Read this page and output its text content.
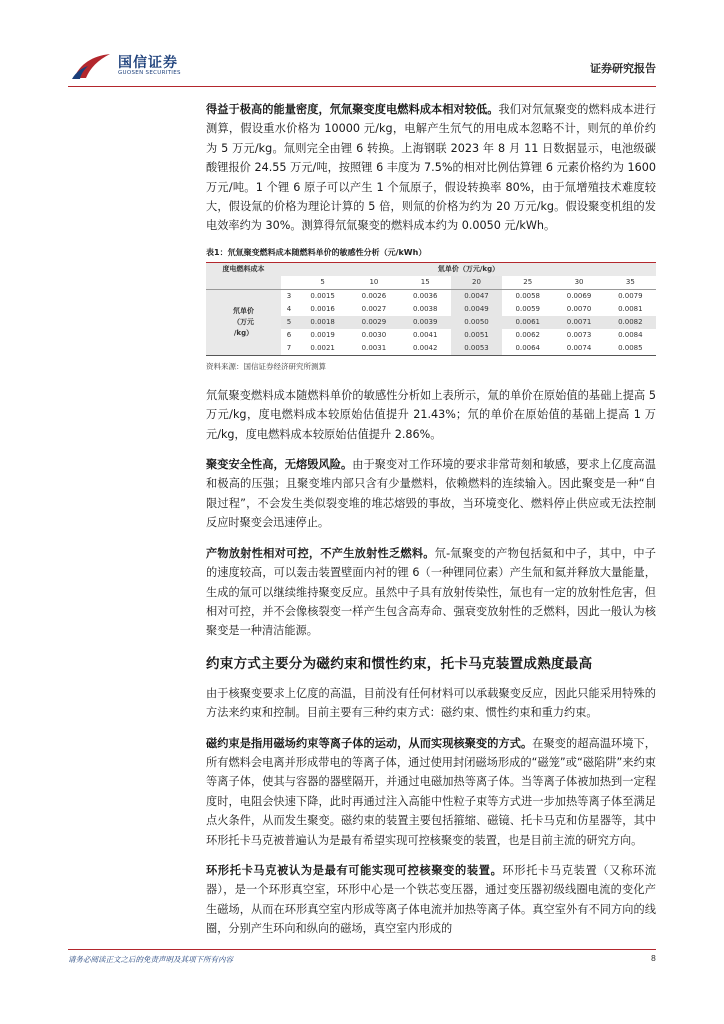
国信证券
GUOSEN SECURITIES	证券研究报告

得益于极高的能量密度，氘氚聚变度电燃料成本相对较低。我们对氘氚聚变的燃料成本进行测算，假设重水价格为 10000 元/kg，电解产生氘气的用电成本忽略不计，则氘的单价约为 5 万元/kg。氚则完全由锂 6 转换。上海钢联 2023 年 8 月 11 日数据显示，电池级碳酸锂报价 24.55 万元/吨，按照锂 6 丰度为 7.5%的相对比例估算锂 6 元素价格约为 1600 万元/吨。1 个锂 6 原子可以产生 1 个氚原子，假设转换率 80%，由于氚增殖技术难度较大，假设氚的价格为理论计算的 5 倍，则氚的价格为约为 20 万元/kg。假设聚变机组的发电效率约为 30%。测算得氘氚聚变的燃料成本约为 0.0050 元/kWh。

表1：氘氚聚变燃料成本随燃料单价的敏感性分析（元/kWh）
度电燃料成本	氚单价（万元/kg）							
		5	10	15	20	25	30	35
	3	0.0015	0.0026	0.0036	0.0047	0.0058	0.0069	0.0079
氘单价
（万元
/kg）	4	0.0016	0.0027	0.0038	0.0049	0.0059	0.0070	0.0081
	5	0.0018	0.0029	0.0039	0.0050	0.0061	0.0071	0.0082
	6	0.0019	0.0030	0.0041	0.0051	0.0062	0.0073	0.0084
	7	0.0021	0.0031	0.0042	0.0053	0.0064	0.0074	0.0085
资料来源：国信证券经济研究所测算

氘氚聚变燃料成本随燃料单价的敏感性分析如上表所示，氚的单价在原始值的基础上提高 5 万元/kg，度电燃料成本较原始估值提升 21.43%；氘的单价在原始值的基础上提高 1 万元/kg，度电燃料成本较原始估值提升 2.86%。

聚变安全性高，无熔毁风险。由于聚变对工作环境的要求非常苛刻和敏感，要求上亿度高温和极高的压强；且聚变堆内部只含有少量燃料，依赖燃料的连续输入。因此聚变是一种“自限过程”，不会发生类似裂变堆的堆芯熔毁的事故，当环境变化、燃料停止供应或无法控制反应时聚变会迅速停止。

产物放射性相对可控，不产生放射性乏燃料。氘-氚聚变的产物包括氦和中子，其中，中子的速度较高，可以轰击装置壁面内衬的锂 6（一种锂同位素）产生氚和氦并释放大量能量，生成的氚可以继续维持聚变反应。虽然中子具有放射传染性，氚也有一定的放射性危害，但相对可控，并不会像核裂变一样产生包含高寿命、强衰变放射性的乏燃料，因此一般认为核聚变是一种清洁能源。

约束方式主要分为磁约束和惯性约束，托卡马克装置成熟度最高

由于核聚变要求上亿度的高温，目前没有任何材料可以承载聚变反应，因此只能采用特殊的方法来约束和控制。目前主要有三种约束方式：磁约束、惯性约束和重力约束。

磁约束是指用磁场约束等离子体的运动，从而实现核聚变的方式。在聚变的超高温环境下，所有燃料会电离并形成带电的等离子体，通过使用封闭磁场形成的“磁笼”或“磁陷阱”来约束等离子体，使其与容器的器壁隔开，并通过电磁加热等离子体。当等离子体被加热到一定程度时，电阻会快速下降，此时再通过注入高能中性粒子束等方式进一步加热等离子体至满足点火条件，从而发生聚变。磁约束的装置主要包括箍缩、磁镜、托卡马克和仿星器等，其中环形托卡马克被普遍认为是最有希望实现可控核聚变的装置，也是目前主流的研究方向。

环形托卡马克被认为是最有可能实现可控核聚变的装置。环形托卡马克装置（又称环流器），是一个环形真空室，环形中心是一个铁芯变压器，通过变压器初级线圈电流的变化产生磁场，从而在环形真空室内形成等离子体电流并加热等离子体。真空室外有不同方向的线圈，分别产生环向和纵向的磁场，真空室内形成的

请务必阅读正文之后的免责声明及其项下所有内容	8
